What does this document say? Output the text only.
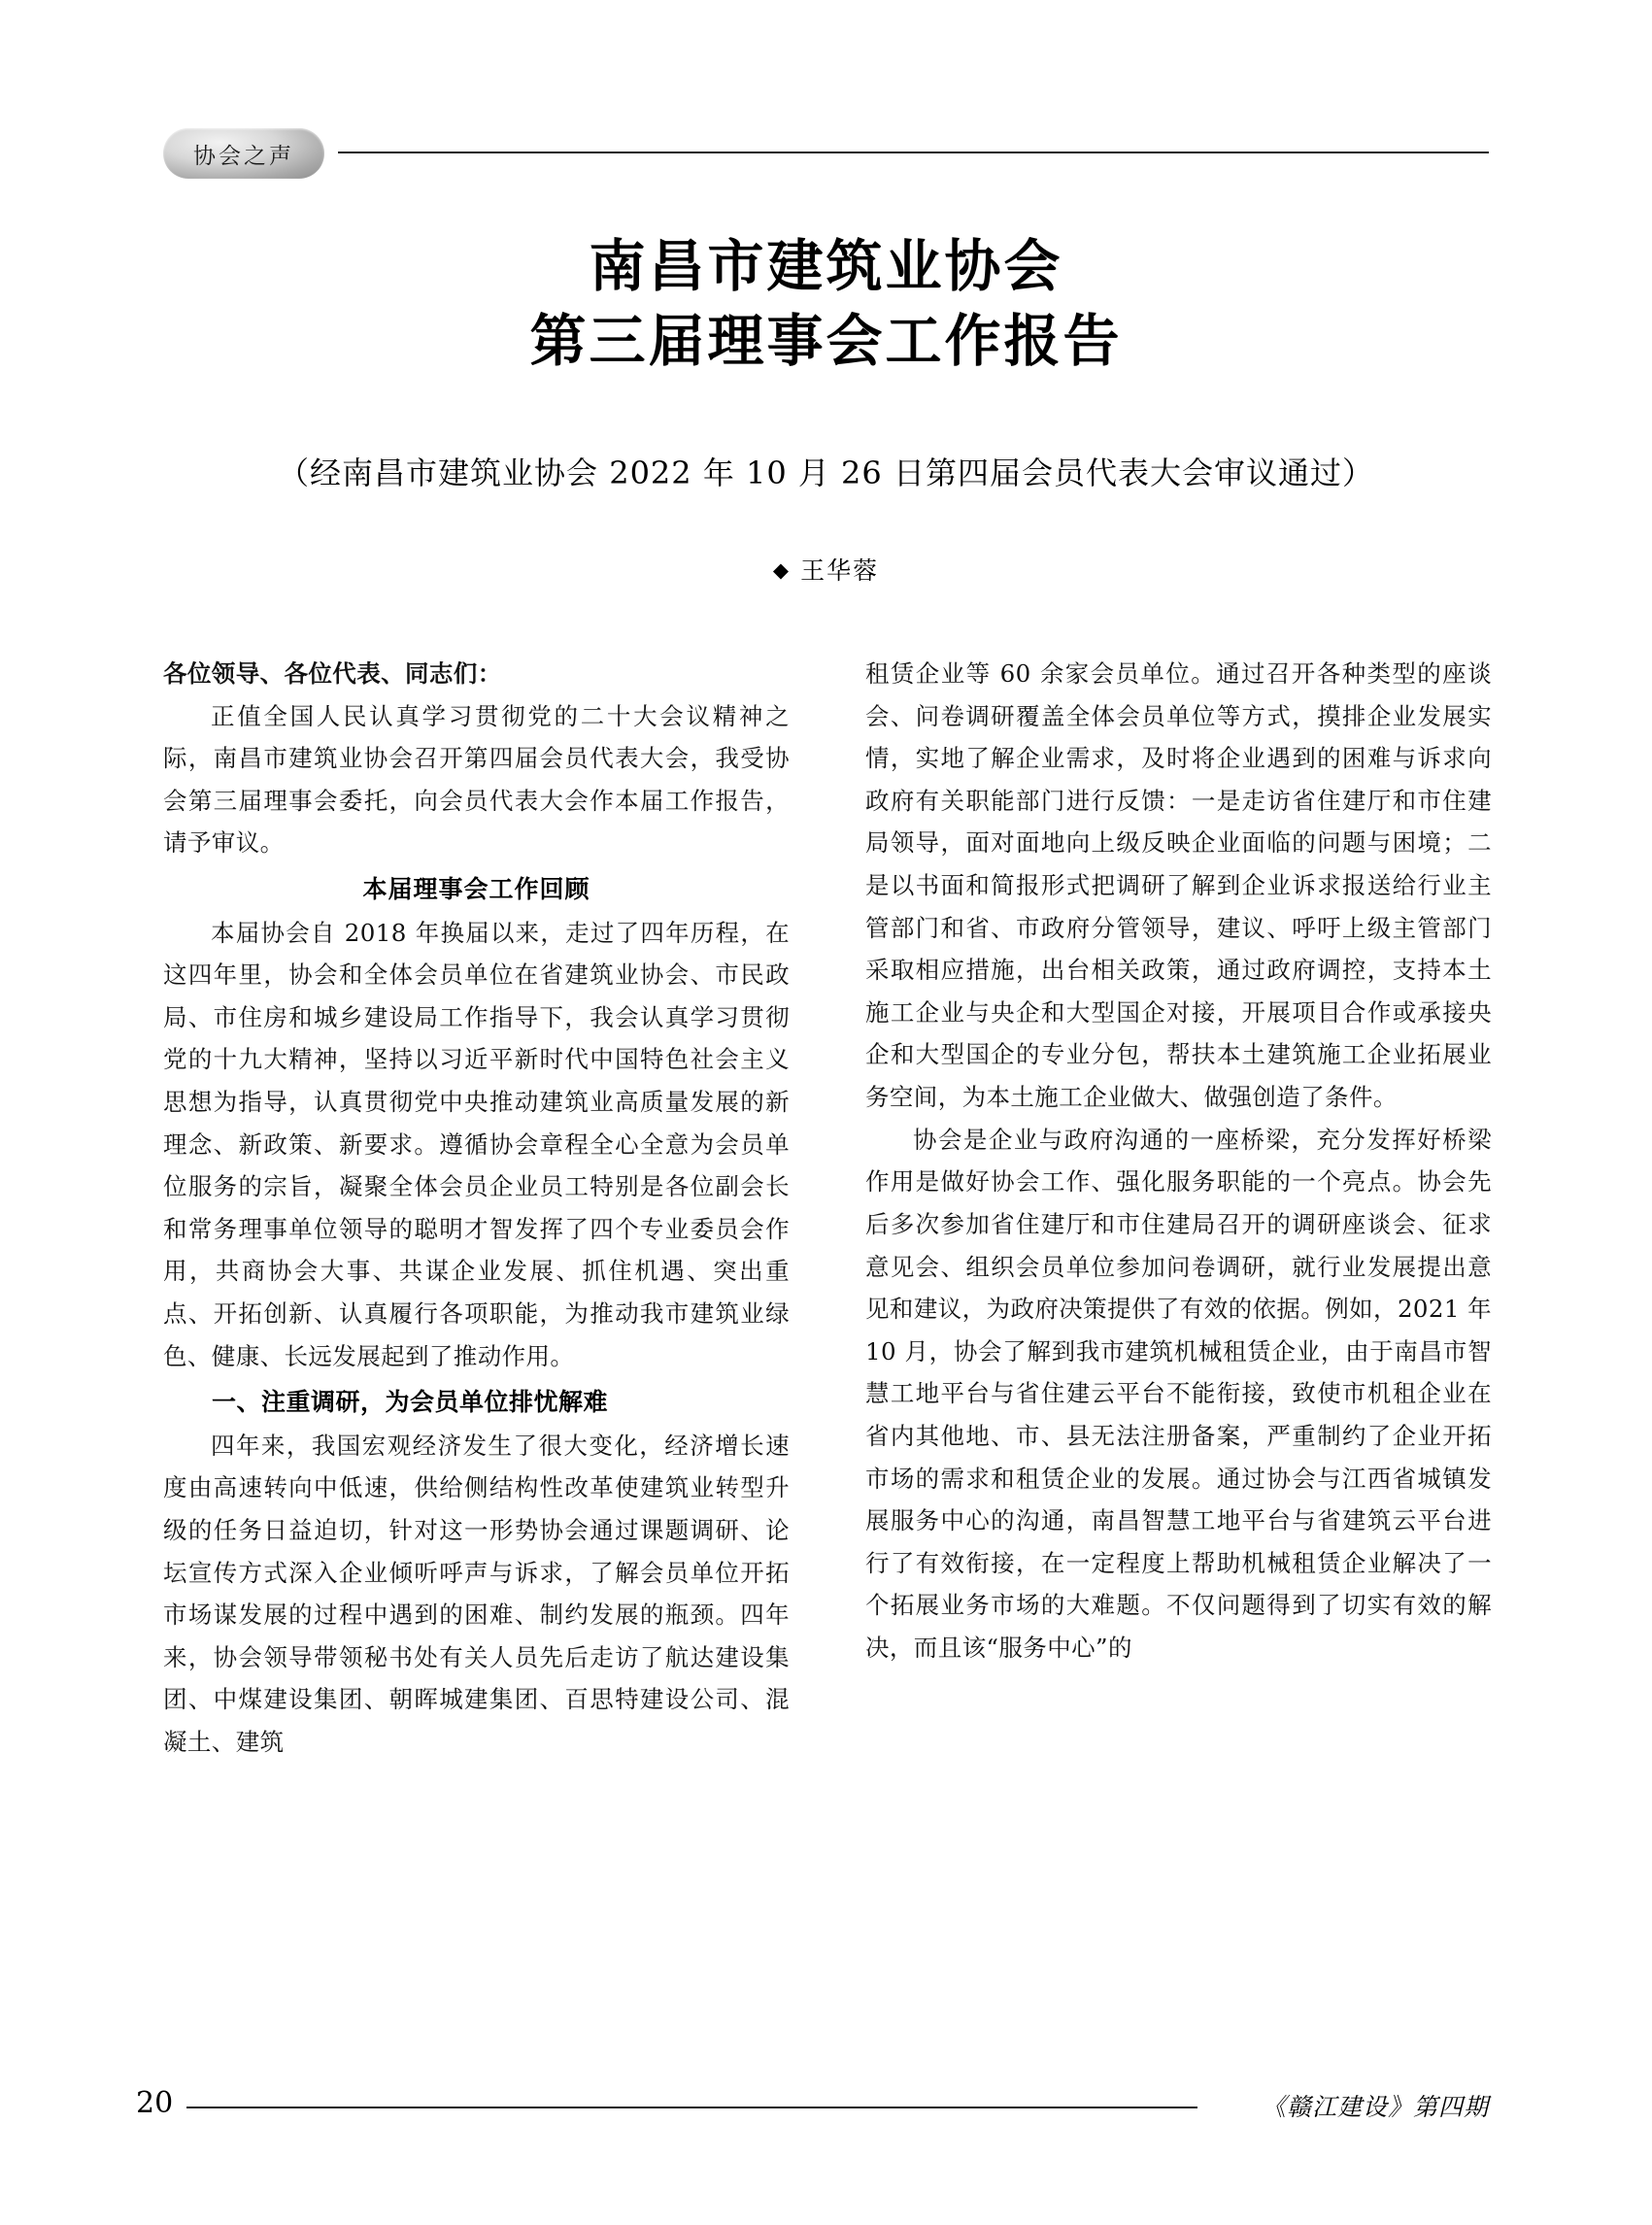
协会之声
南昌市建筑业协会
第三届理事会工作报告
（经南昌市建筑业协会 2022 年 10 月 26 日第四届会员代表大会审议通过）
◆ 王华蓉

各位领导、各位代表、同志们：

正值全国人民认真学习贯彻党的二十大会议精神之际，南昌市建筑业协会召开第四届会员代表大会，我受协会第三届理事会委托，向会员代表大会作本届工作报告，请予审议。

本届理事会工作回顾

本届协会自 2018 年换届以来，走过了四年历程，在这四年里，协会和全体会员单位在省建筑业协会、市民政局、市住房和城乡建设局工作指导下，我会认真学习贯彻党的十九大精神，坚持以习近平新时代中国特色社会主义思想为指导，认真贯彻党中央推动建筑业高质量发展的新理念、新政策、新要求。遵循协会章程全心全意为会员单位服务的宗旨，凝聚全体会员企业员工特别是各位副会长和常务理事单位领导的聪明才智发挥了四个专业委员会作用，共商协会大事、共谋企业发展、抓住机遇、突出重点、开拓创新、认真履行各项职能，为推动我市建筑业绿色、健康、长远发展起到了推动作用。

一、注重调研，为会员单位排忧解难

四年来，我国宏观经济发生了很大变化，经济增长速度由高速转向中低速，供给侧结构性改革使建筑业转型升级的任务日益迫切，针对这一形势协会通过课题调研、论坛宣传方式深入企业倾听呼声与诉求，了解会员单位开拓市场谋发展的过程中遇到的困难、制约发展的瓶颈。四年来，协会领导带领秘书处有关人员先后走访了航达建设集团、中煤建设集团、朝晖城建集团、百思特建设公司、混凝土、建筑

租赁企业等 60 余家会员单位。通过召开各种类型的座谈会、问卷调研覆盖全体会员单位等方式，摸排企业发展实情，实地了解企业需求，及时将企业遇到的困难与诉求向政府有关职能部门进行反馈：一是走访省住建厅和市住建局领导，面对面地向上级反映企业面临的问题与困境；二是以书面和简报形式把调研了解到企业诉求报送给行业主管部门和省、市政府分管领导，建议、呼吁上级主管部门采取相应措施，出台相关政策，通过政府调控，支持本土施工企业与央企和大型国企对接，开展项目合作或承接央企和大型国企的专业分包，帮扶本土建筑施工企业拓展业务空间，为本土施工企业做大、做强创造了条件。

协会是企业与政府沟通的一座桥梁，充分发挥好桥梁作用是做好协会工作、强化服务职能的一个亮点。协会先后多次参加省住建厅和市住建局召开的调研座谈会、征求意见会、组织会员单位参加问卷调研，就行业发展提出意见和建议，为政府决策提供了有效的依据。例如，2021 年 10 月，协会了解到我市建筑机械租赁企业，由于南昌市智慧工地平台与省住建云平台不能衔接，致使市机租企业在省内其他地、市、县无法注册备案，严重制约了企业开拓市场的需求和租赁企业的发展。通过协会与江西省城镇发展服务中心的沟通，南昌智慧工地平台与省建筑云平台进行了有效衔接，在一定程度上帮助机械租赁企业解决了一个拓展业务市场的大难题。不仅问题得到了切实有效的解决，而且该“服务中心”的

20	《赣江建设》第四期
